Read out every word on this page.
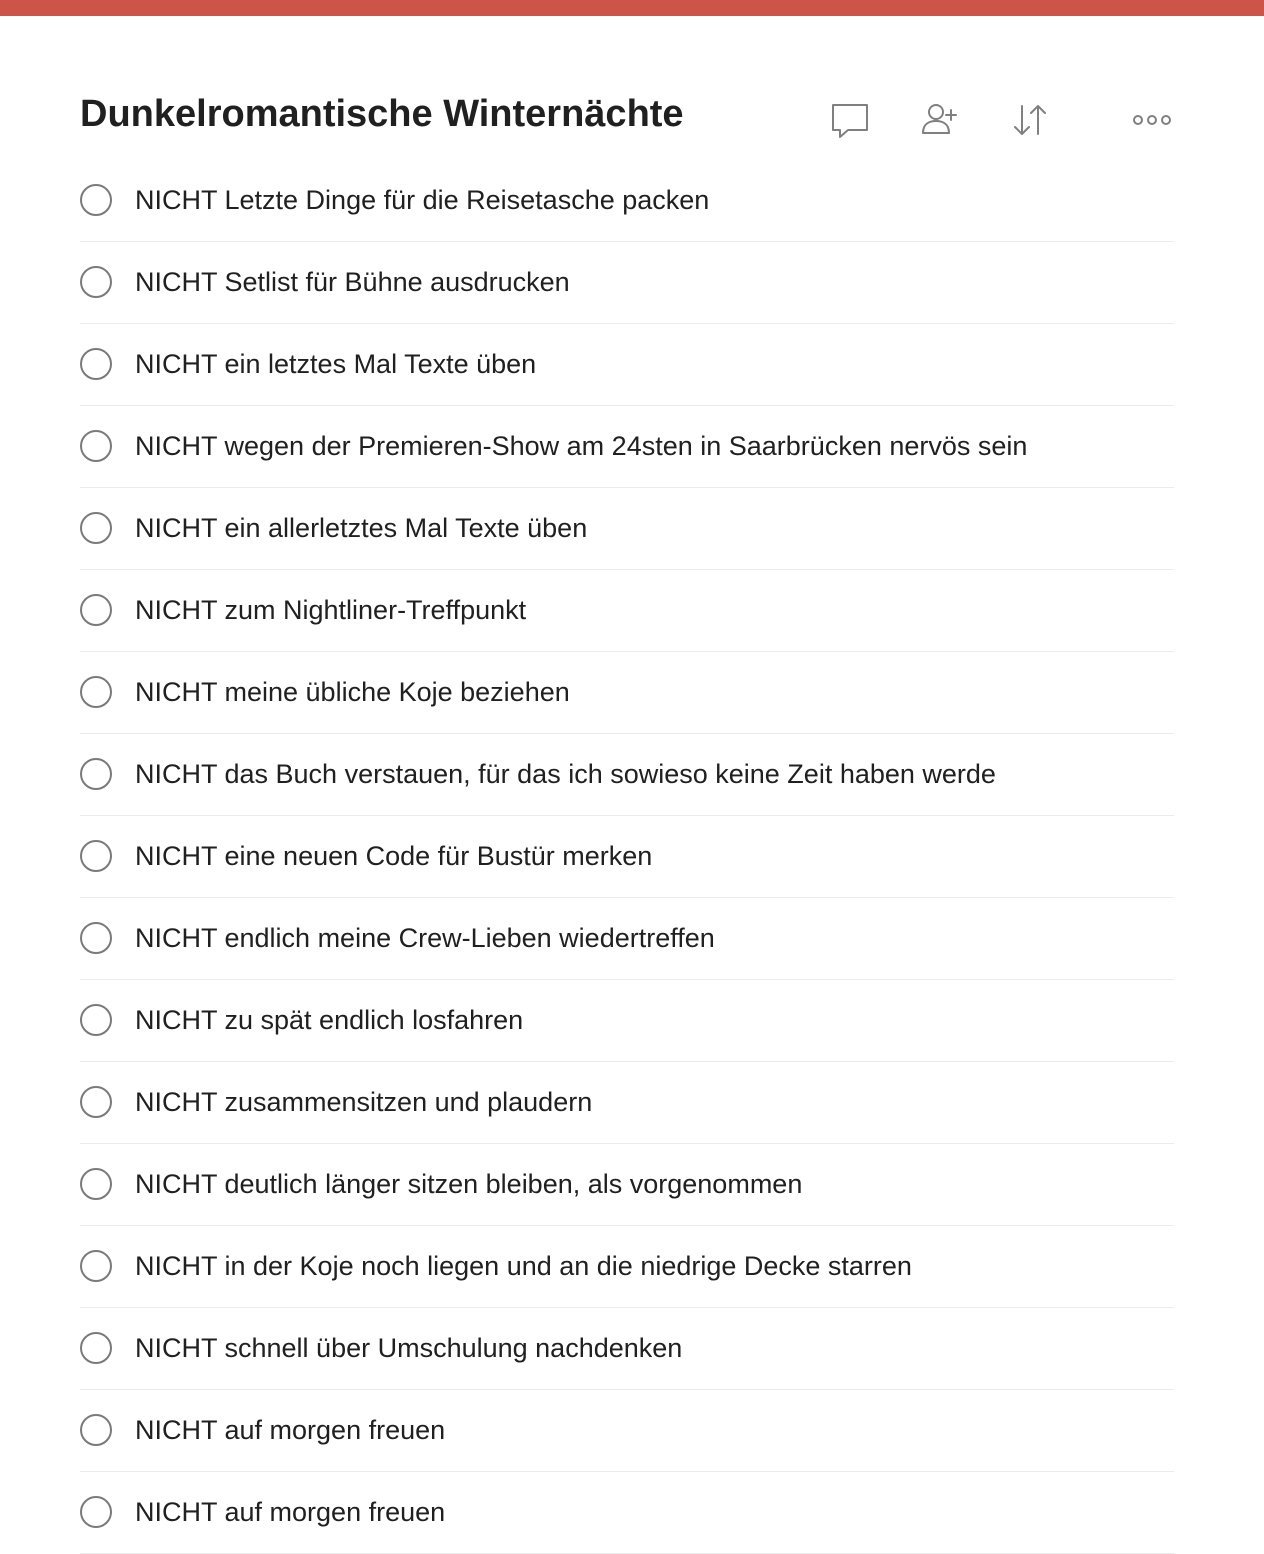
Dunkelromantische Winternächte
NICHT Letzte Dinge für die Reisetasche packen
NICHT Setlist für Bühne ausdrucken
NICHT ein letztes Mal Texte üben
NICHT wegen der Premieren-Show am 24sten in Saarbrücken nervös sein
NICHT ein allerletztes Mal Texte üben
NICHT zum Nightliner-Treffpunkt
NICHT meine übliche Koje beziehen
NICHT das Buch verstauen, für das ich sowieso keine Zeit haben werde
NICHT eine neuen Code für Bustür merken
NICHT endlich meine Crew-Lieben wiedertreffen
NICHT zu spät endlich losfahren
NICHT zusammensitzen und plaudern
NICHT deutlich länger sitzen bleiben, als vorgenommen
NICHT in der Koje noch liegen und an die niedrige Decke starren
NICHT schnell über Umschulung nachdenken
NICHT auf morgen freuen
NICHT auf morgen freuen
